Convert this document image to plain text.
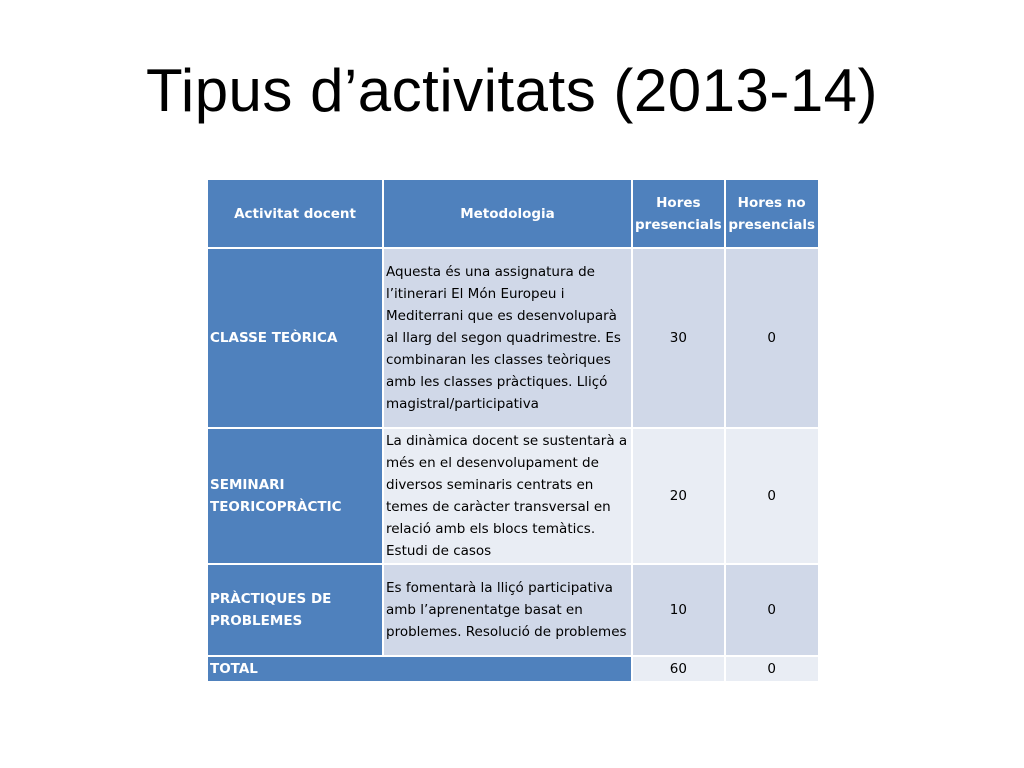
Tipus d’activitats (2013-14)
Activitat docent	Metodologia	Hores presencials	Hores no presencials
CLASSE TEÒRICA	Aquesta és una assignatura de l’itinerari El Món Europeu i Mediterrani que es desenvoluparà al llarg del segon quadrimestre. Es combinaran les classes teòriques amb les classes pràctiques. Lliçó magistral/participativa	30	0
SEMINARI TEORICOPRÀCTIC	La dinàmica docent se sustentarà a més en el desenvolupament de diversos seminaris centrats en temes de caràcter transversal en relació amb els blocs temàtics. Estudi de casos	20	0
PRÀCTIQUES DE PROBLEMES	Es fomentarà la lliçó participativa amb l’aprenentatge basat en problemes. Resolució de problemes	10	0
TOTAL		60	0
